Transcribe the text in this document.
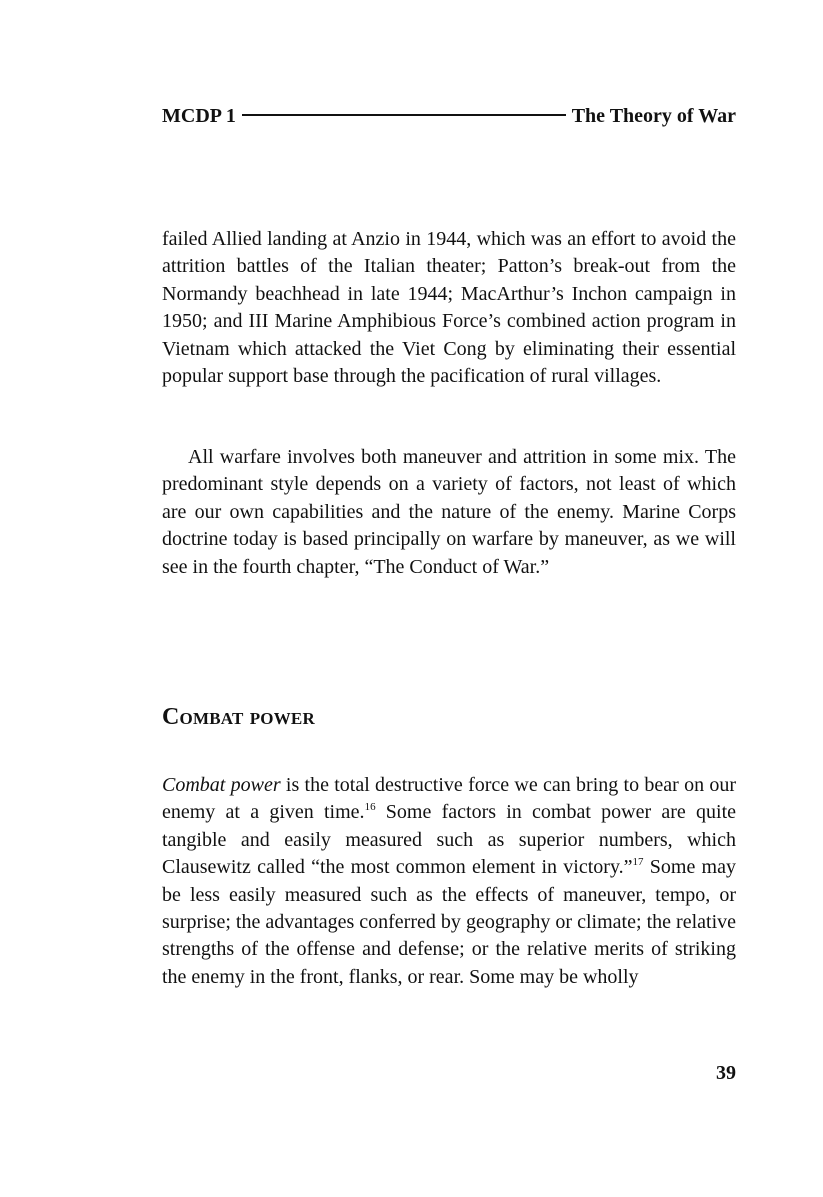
MCDP 1	The Theory of War

failed Allied landing at Anzio in 1944, which was an effort to avoid the attrition battles of the Italian theater; Patton’s break-out from the Normandy beachhead in late 1944; MacArthur’s Inchon campaign in 1950; and III Marine Amphibious Force’s combined action program in Vietnam which attacked the Viet Cong by eliminating their essential popular support base through the pacification of rural villages.

All warfare involves both maneuver and attrition in some mix. The predominant style depends on a variety of factors, not least of which are our own capabilities and the nature of the enemy. Marine Corps doctrine today is based principally on warfare by maneuver, as we will see in the fourth chapter, “The Conduct of War.”

Combat power

Combat power is the total destructive force we can bring to bear on our enemy at a given time.$^{16}$ Some factors in combat power are quite tangible and easily measured such as superior numbers, which Clausewitz called “the most common element in victory.”$^{17}$ Some may be less easily measured such as the effects of maneuver, tempo, or surprise; the advantages conferred by geography or climate; the relative strengths of the offense and defense; or the relative merits of striking the enemy in the front, flanks, or rear. Some may be wholly

39
